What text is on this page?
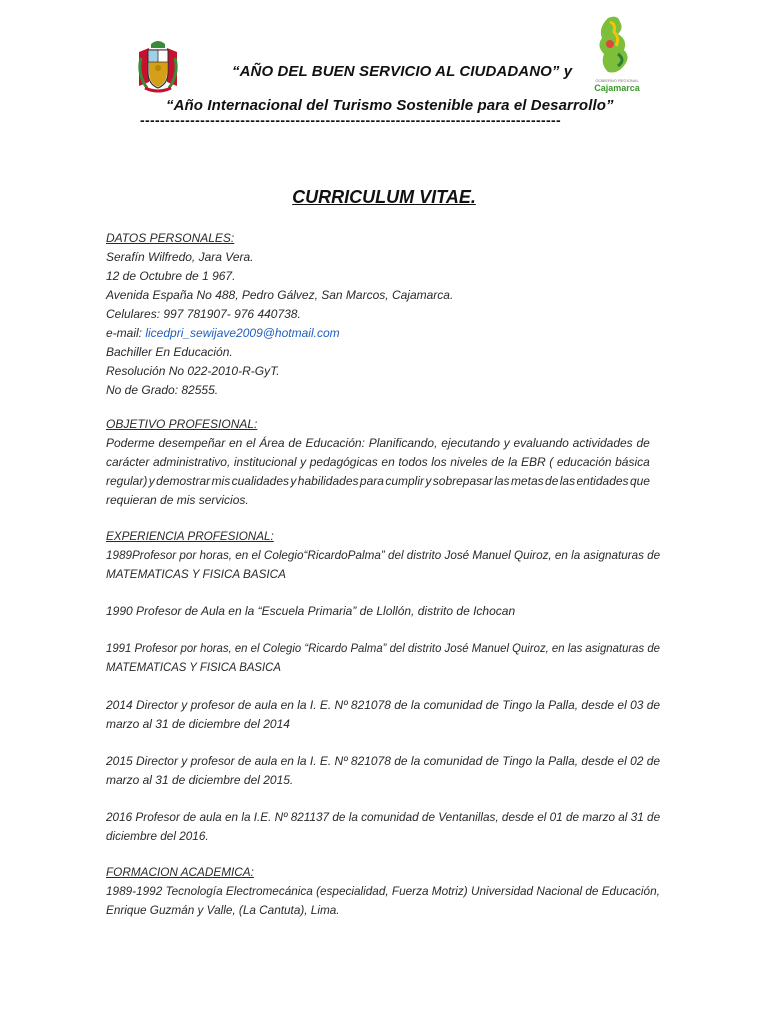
GOBIERNO REGIONAL
Cajamarca
“AÑO DEL BUEN SERVICIO AL CIUDADANO” y
“Año Internacional del Turismo Sostenible para el Desarrollo”
------------------------------------------------------------------------------------
CURRICULUM VITAE.
DATOS PERSONALES:
Serafín Wilfredo, Jara Vera.
12 de Octubre de 1 967.
Avenida España No 488, Pedro Gálvez, San Marcos, Cajamarca.
Celulares: 997 781907- 976 440738.
e-mail: licedpri_sewijave2009@hotmail.com
Bachiller En Educación.
Resolución No 022-2010-R-GyT.
No de Grado: 82555.
OBJETIVO PROFESIONAL:
Poderme desempeñar en el Área de Educación: Planificando, ejecutando y evaluando actividades de
carácter administrativo, institucional y pedagógicas en todos los niveles de la EBR ( educación básica
regular) y demostrar mis cualidades y habilidades para cumplir y sobrepasar las metas de las entidades que
requieran de mis servicios.
EXPERIENCIA PROFESIONAL:
1989Profesor por horas, en el Colegio“RicardoPalma” del distrito José Manuel Quiroz, en la asignaturas de
MATEMATICAS Y FISICA BASICA
1990 Profesor de Aula en la “Escuela Primaria” de Llollón, distrito de Ichocan
1991 Profesor por horas, en el Colegio “Ricardo Palma” del distrito José Manuel Quiroz, en las asignaturas de
MATEMATICAS Y FISICA BASICA
2014 Director y profesor de aula en la I. E. Nº 821078 de la comunidad de Tingo la Palla, desde el 03 de
marzo al 31 de diciembre del 2014
2015 Director y profesor de aula en la I. E. Nº 821078 de la comunidad de Tingo la Palla, desde el 02 de
marzo al 31 de diciembre del 2015.
2016 Profesor de aula en la I.E. Nº 821137 de la comunidad de Ventanillas, desde el 01 de marzo al 31 de
diciembre del 2016.
FORMACION ACADEMICA:
1989-1992 Tecnología Electromecánica (especialidad, Fuerza Motriz) Universidad Nacional de Educación,
Enrique Guzmán y Valle, (La Cantuta), Lima.
